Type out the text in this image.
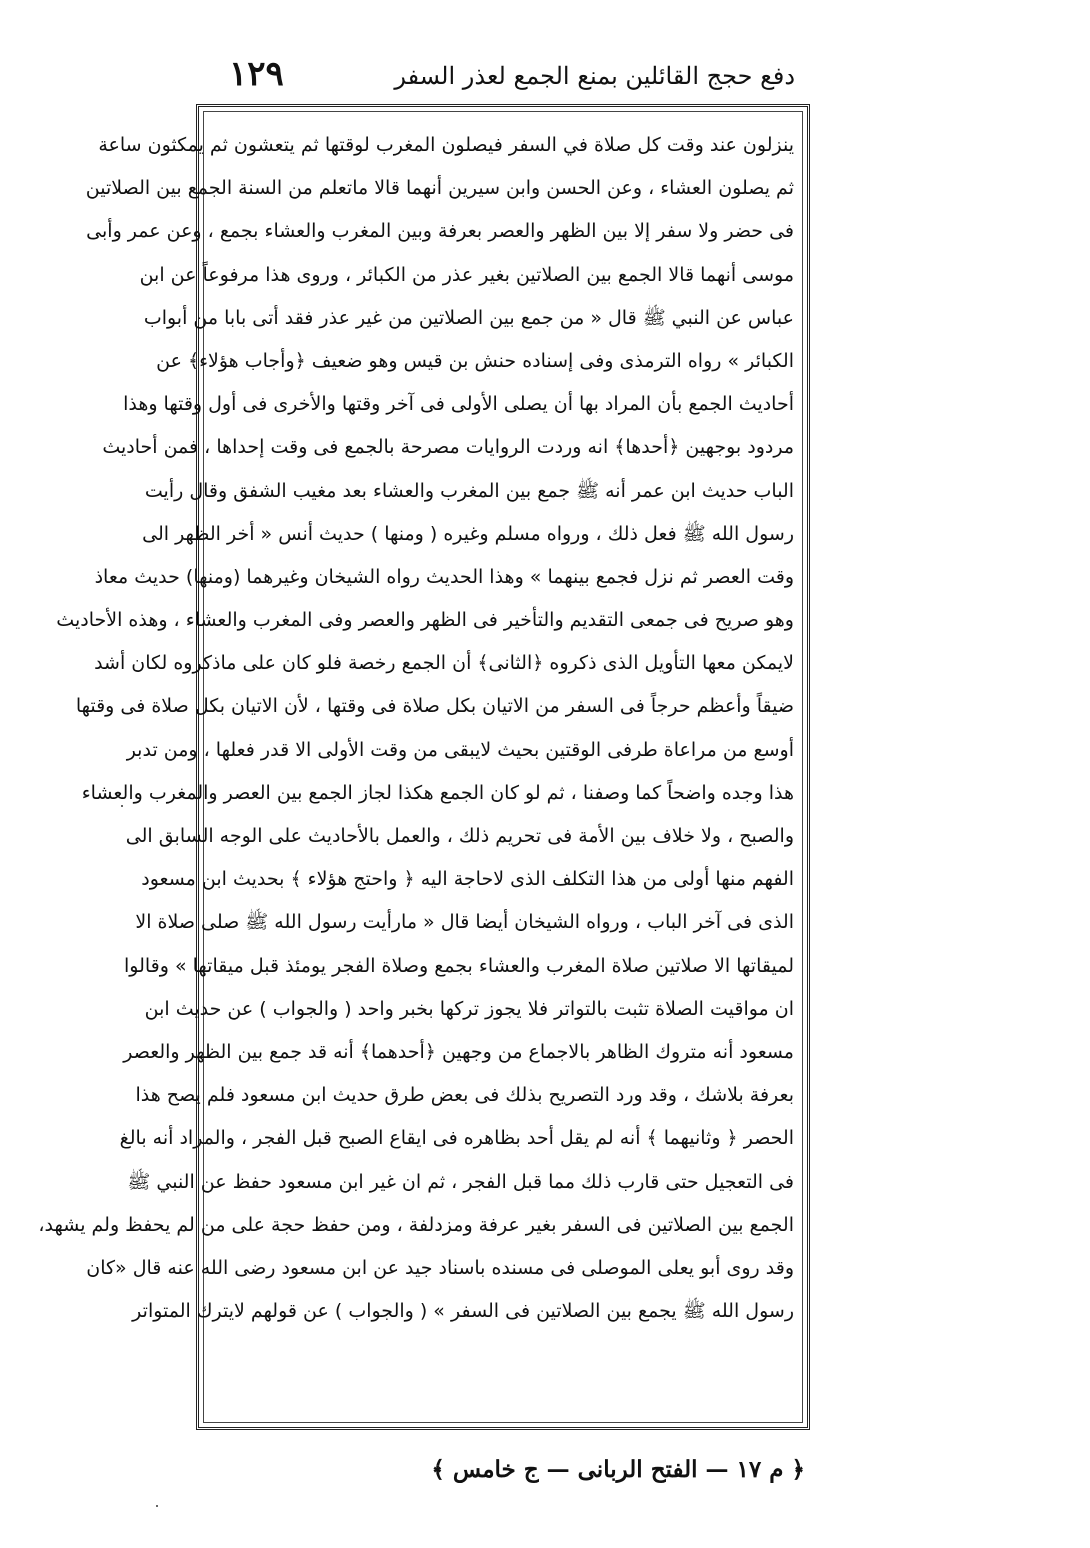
دفع حجج القائلين بمنع الجمع لعذر السفر
١٢٩
ينزلون عند وقت كل صلاة في السفر فيصلون المغرب لوقتها ثم يتعشون ثم يمكثون ساعة
ثم يصلون العشاء ، وعن الحسن وابن سيرين أنهما قالا ماتعلم من السنة الجمع بين الصلاتين
فى حضر ولا سفر إلا بين الظهر والعصر بعرفة وبين المغرب والعشاء بجمع ، وعن عمر وأبى
موسى أنهما قالا الجمع بين الصلاتين بغير عذر من الكبائر ، وروى هذا مرفوعاً عن ابن
عباس عن النبي ﷺ قال « من جمع بين الصلاتين من غير عذر فقد أتى بابا من أبواب
الكبائر » رواه الترمذى وفى إسناده حنش بن قيس وهو ضعيف ﴿وأجاب هؤلاء﴾ عن
أحاديث الجمع بأن المراد بها أن يصلى الأولى فى آخر وقتها والأخرى فى أول وقتها وهذا
مردود بوجهين ﴿أحدها﴾ انه وردت الروايات مصرحة بالجمع فى وقت إحداها ، فمن أحاديث
الباب حديث ابن عمر أنه ﷺ جمع بين المغرب والعشاء بعد مغيب الشفق وقال رأيت
رسول الله ﷺ فعل ذلك ، ورواه مسلم وغيره ( ومنها ) حديث أنس « أخر الظهر الى
وقت العصر ثم نزل فجمع بينهما » وهذا الحديث رواه الشيخان وغيرهما (ومنها) حديث معاذ
وهو صريح فى جمعى التقديم والتأخير فى الظهر والعصر وفى المغرب والعشاء ، وهذه الأحاديث
لايمكن معها التأويل الذى ذكروه ﴿الثانى﴾ أن الجمع رخصة فلو كان على ماذكروه لكان أشد
ضيقاً وأعظم حرجاً فى السفر من الاتيان بكل صلاة فى وقتها ، لأن الاتيان بكل صلاة فى وقتها
أوسع من مراعاة طرفى الوقتين بحيث لايبقى من وقت الأولى الا قدر فعلها ، ومن تدبر
هذا وجده واضحاً كما وصفنا ، ثم لو كان الجمع هكذا لجاز الجمع بين العصر والمغرب والعشاء
والصبح ، ولا خلاف بين الأمة فى تحريم ذلك ، والعمل بالأحاديث على الوجه السابق الى
الفهم منها أولى من هذا التكلف الذى لاحاجة اليه ﴿ واحتج هؤلاء ﴾ بحديث ابن مسعود
الذى فى آخر الباب ، ورواه الشيخان أيضا قال « مارأيت رسول الله ﷺ صلى صلاة الا
لميقاتها الا صلاتين صلاة المغرب والعشاء بجمع وصلاة الفجر يومئذ قبل ميقاتها » وقالوا
ان مواقيت الصلاة تثبت بالتواتر فلا يجوز تركها بخبر واحد ( والجواب ) عن حديث ابن
مسعود أنه متروك الظاهر بالاجماع من وجهين ﴿أحدهما﴾ أنه قد جمع بين الظهر والعصر
بعرفة بلاشك ، وقد ورد التصريح بذلك فى بعض طرق حديث ابن مسعود فلم يصح هذا
الحصر ﴿ وثانيهما ﴾ أنه لم يقل أحد بظاهره فى ايقاع الصبح قبل الفجر ، والمراد أنه بالغ
فى التعجيل حتى قارب ذلك مما قبل الفجر ، ثم ان غير ابن مسعود حفظ عن النبي ﷺ
الجمع بين الصلاتين فى السفر بغير عرفة ومزدلفة ، ومن حفظ حجة على من لم يحفظ ولم يشهد،
وقد روى أبو يعلى الموصلى فى مسنده باسناد جيد عن ابن مسعود رضى الله عنه قال «كان
رسول الله ﷺ يجمع بين الصلاتين فى السفر » ( والجواب ) عن قولهم لايترك المتواتر
﴿ م ١٧ — الفتح الربانى — ج خامس ﴾
